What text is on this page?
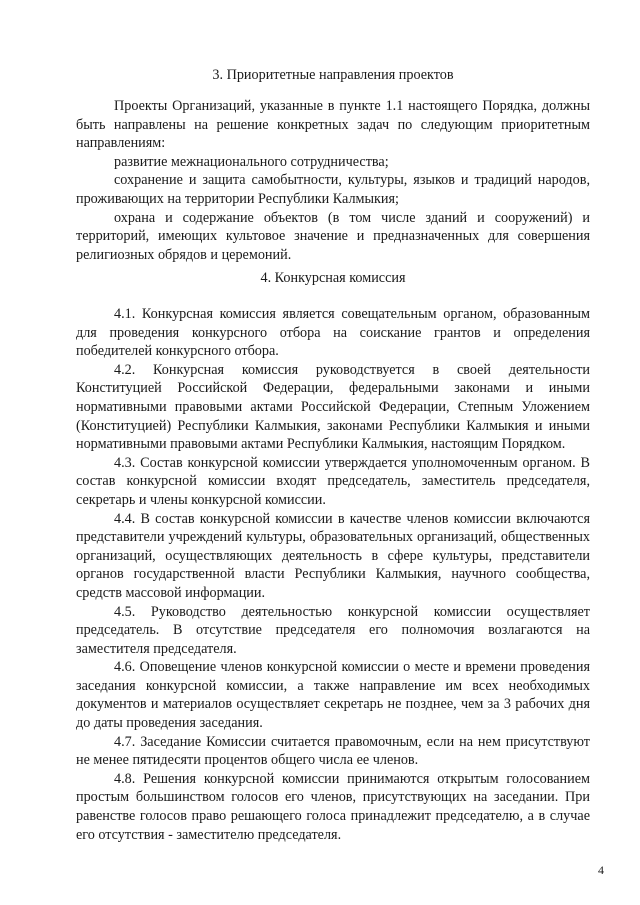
3. Приоритетные направления проектов

Проекты Организаций, указанные в пункте 1.1 настоящего Порядка, должны быть направлены на решение конкретных задач по следующим приоритетным направлениям:

развитие межнационального сотрудничества;

сохранение и защита самобытности, культуры, языков и традиций народов, проживающих на территории Республики Калмыкия;

охрана и содержание объектов (в том числе зданий и сооружений) и территорий, имеющих культовое значение и предназначенных для совершения религиозных обрядов и церемоний.

4. Конкурсная комиссия

4.1. Конкурсная комиссия является совещательным органом, образованным для проведения конкурсного отбора на соискание грантов и определения победителей конкурсного отбора.

4.2. Конкурсная комиссия руководствуется в своей деятельности Конституцией Российской Федерации, федеральными законами и иными нормативными правовыми актами Российской Федерации, Степным Уложением (Конституцией) Республики Калмыкия, законами Республики Калмыкия и иными нормативными правовыми актами Республики Калмыкия, настоящим Порядком.

4.3. Состав конкурсной комиссии утверждается уполномоченным органом. В состав конкурсной комиссии входят председатель, заместитель председателя, секретарь и члены конкурсной комиссии.

4.4. В состав конкурсной комиссии в качестве членов комиссии включаются представители учреждений культуры, образовательных организаций, общественных организаций, осуществляющих деятельность в сфере культуры, представители органов государственной власти Республики Калмыкия, научного сообщества, средств массовой информации.

4.5. Руководство деятельностью конкурсной комиссии осуществляет председатель. В отсутствие председателя его полномочия возлагаются на заместителя председателя.

4.6. Оповещение членов конкурсной комиссии о месте и времени проведения заседания конкурсной комиссии, а также направление им всех необходимых документов и материалов осуществляет секретарь не позднее, чем за 3 рабочих дня до даты проведения заседания.

4.7. Заседание Комиссии считается правомочным, если на нем присутствуют не менее пятидесяти процентов общего числа ее членов.

4.8. Решения конкурсной комиссии принимаются открытым голосованием простым большинством голосов его членов, присутствующих на заседании. При равенстве голосов право решающего голоса принадлежит председателю, а в случае его отсутствия - заместителю председателя.

4
